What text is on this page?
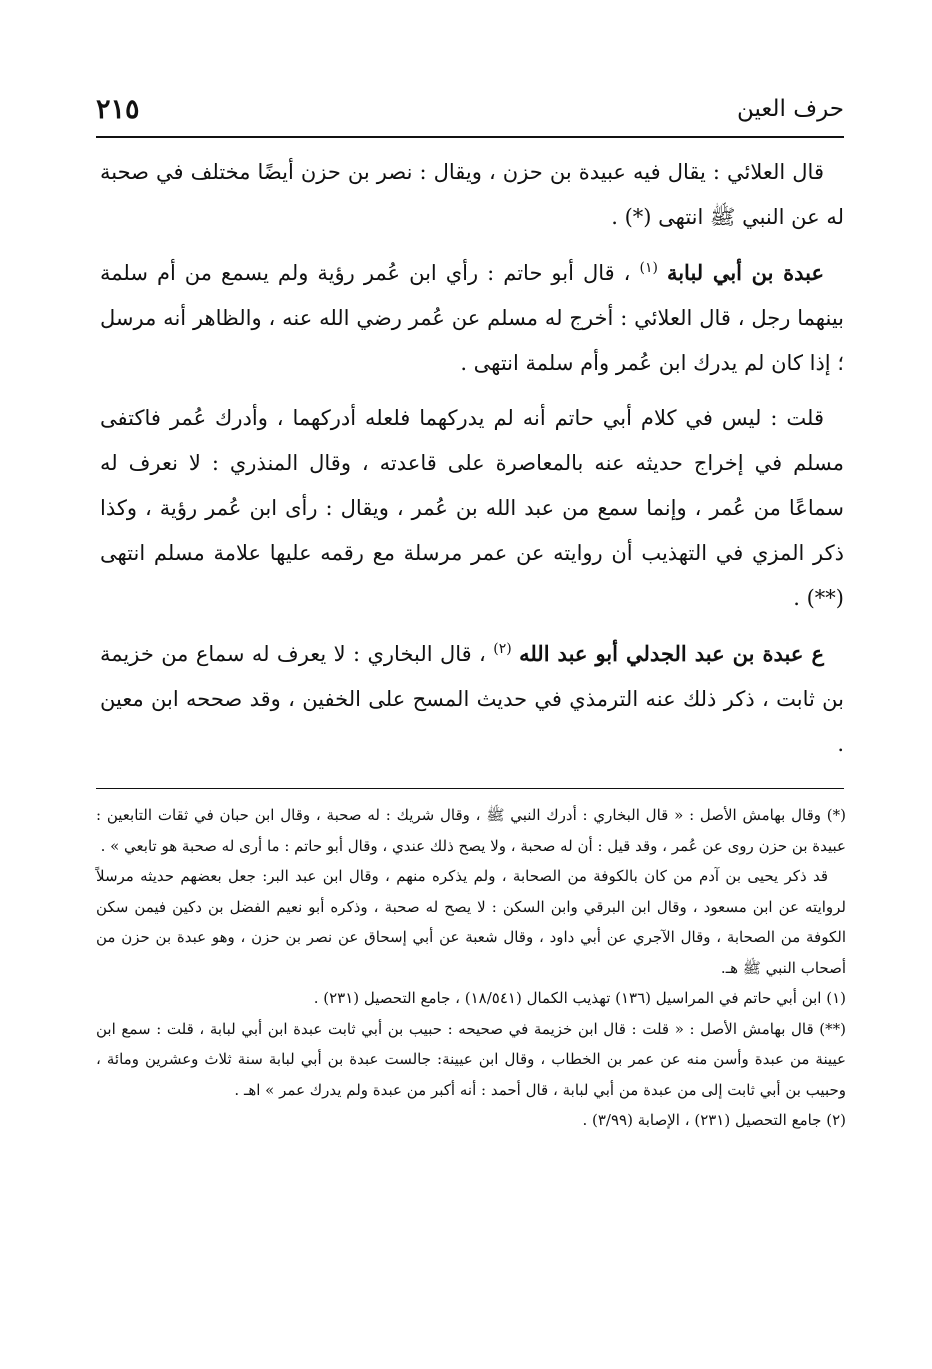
حرف العين
٢١٥

قال العلائي : يقال فيه عبيدة بن حزن ، ويقال : نصر بن حزن أيضًا مختلف في صحبة له عن النبي ﷺ انتهى (*) .

عبدة بن أبي لبابة $^{(١)}$ ، قال أبو حاتم : رأي ابن عُمر رؤية ولم يسمع من أم سلمة بينهما رجل ، قال العلائي : أخرج له مسلم عن عُمر رضي الله عنه ، والظاهر أنه مرسل ؛ إذا كان لم يدرك ابن عُمر وأم سلمة انتهى .

قلت : ليس في كلام أبي حاتم أنه لم يدركهما فلعله أدركهما ، وأدرك عُمر فاكتفى مسلم في إخراج حديثه عنه بالمعاصرة على قاعدته ، وقال المنذري : لا نعرف له سماعًا من عُمر ، وإنما سمع من عبد الله بن عُمر ، ويقال : رأى ابن عُمر رؤية ، وكذا ذكر المزي في التهذيب أن روايته عن عمر مرسلة مع رقمه عليها علامة مسلم انتهى (**) .

ع عبدة بن عبد الجدلي أبو عبد الله $^{(٢)}$ ، قال البخاري : لا يعرف له سماع من خزيمة بن ثابت ، ذكر ذلك عنه الترمذي في حديث المسح على الخفين ، وقد صححه ابن معين .

(*) وقال بهامش الأصل : « قال البخاري : أدرك النبي ﷺ ، وقال شريك : له صحبة ، وقال ابن حبان في ثقات التابعين : عبيدة بن حزن روى عن عُمر ، وقد قيل : أن له صحبة ، ولا يصح ذلك عندي ، وقال أبو حاتم : ما أرى له صحبة هو تابعي » .

قد ذكر يحيى بن آدم من كان بالكوفة من الصحابة ، ولم يذكره منهم ، وقال ابن عبد البر: جعل بعضهم حديثه مرسلاً لروايته عن ابن مسعود ، وقال ابن البرقي وابن السكن : لا يصح له صحبة ، وذكره أبو نعيم الفضل بن دكين فيمن سكن الكوفة من الصحابة ، وقال الآجري عن أبي داود ، وقال شعبة عن أبي إسحاق عن نصر بن حزن ، وهو عبدة بن حزن من أصحاب النبي ﷺ هـ.

(١) ابن أبي حاتم في المراسيل (١٣٦) تهذيب الكمال (١٨/٥٤١) ، جامع التحصيل (٢٣١) .

(**) قال بهامش الأصل : « قلت : قال ابن خزيمة في صحيحه : حبيب بن أبي ثابت عبدة ابن أبي لبابة ، قلت : سمع ابن عيينة من عبدة وأسن منه عن عمر بن الخطاب ، وقال ابن عيينة: جالست عبدة بن أبي لبابة سنة ثلاث وعشرين ومائة ، وحبيب بن أبي ثابت إلى من عبدة من أبي لبابة ، قال أحمد : أنه أكبر من عبدة ولم يدرك عمر » اهـ .

(٢) جامع التحصيل (٢٣١) ، الإصابة (٣/٩٩) .
